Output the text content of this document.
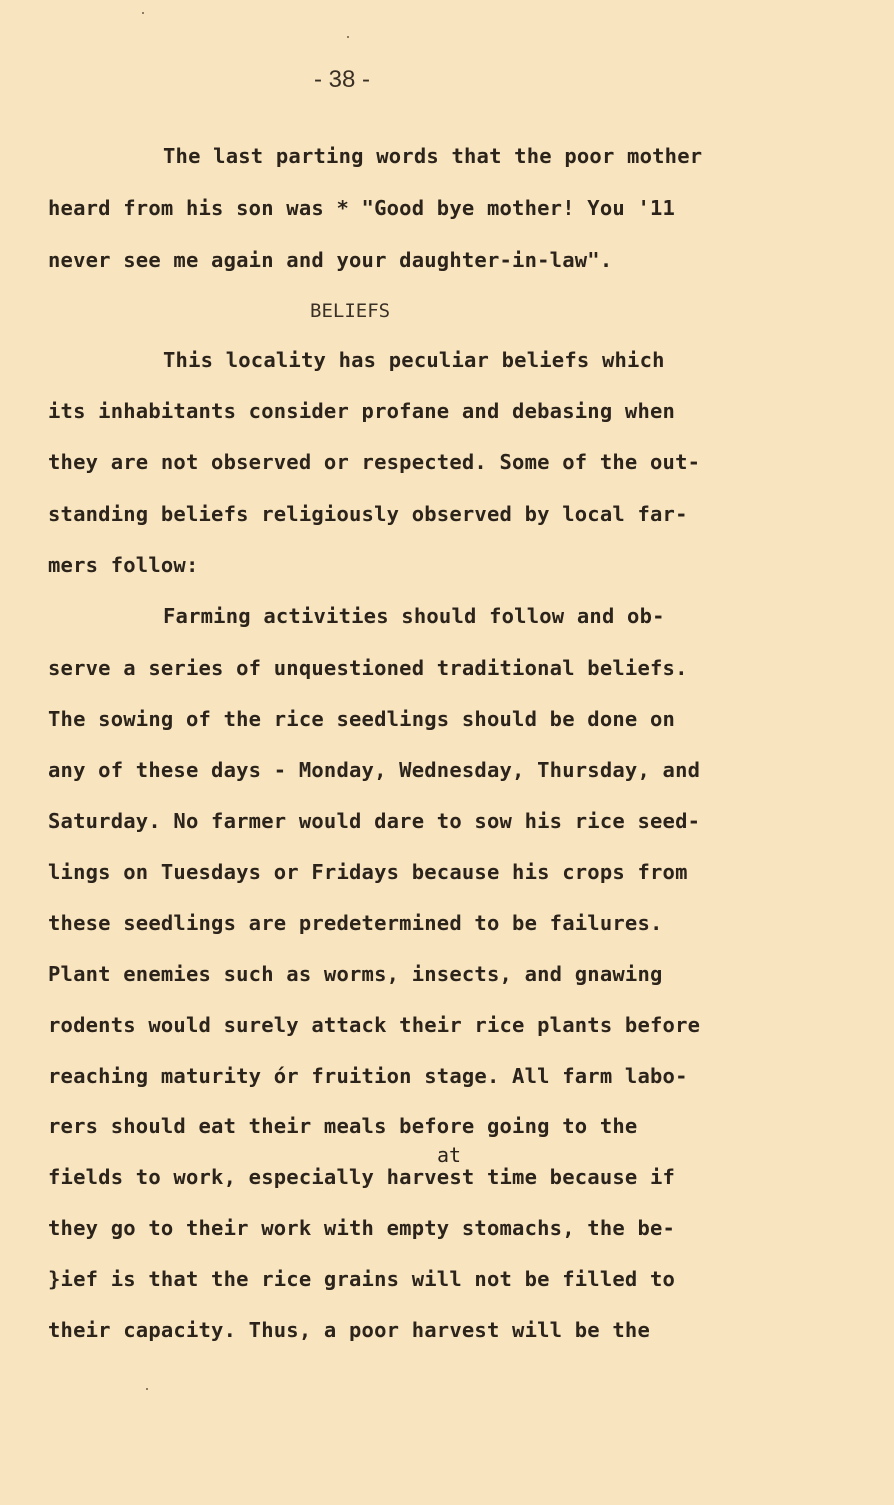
- 38 -
The last parting words that the poor mother
heard from his son was * "Good bye mother! You '11
never see me again and your daughter-in-law".
BELIEFS
This locality has peculiar beliefs which
its inhabitants consider profane and debasing when
they are not observed or respected. Some of the out-
standing beliefs religiously observed by local far-
mers follow:
Farming activities should follow and ob-
serve a series of unquestioned traditional beliefs.
The sowing of the rice seedlings should be done on
any of these days - Monday, Wednesday, Thursday, and
Saturday. No farmer would dare to sow his rice seed-
lings on Tuesdays or Fridays because his crops from
these seedlings are predetermined to be failures.
Plant enemies such as worms, insects, and gnawing
rodents would surely attack their rice plants before
reaching maturity ór fruition stage. All farm labo-
rers should eat their meals before going to the
at
fields to work, especially harvest time because if
they go to their work with empty stomachs, the be-
}ief is that the rice grains will not be filled to
their capacity. Thus, a poor harvest will be the
